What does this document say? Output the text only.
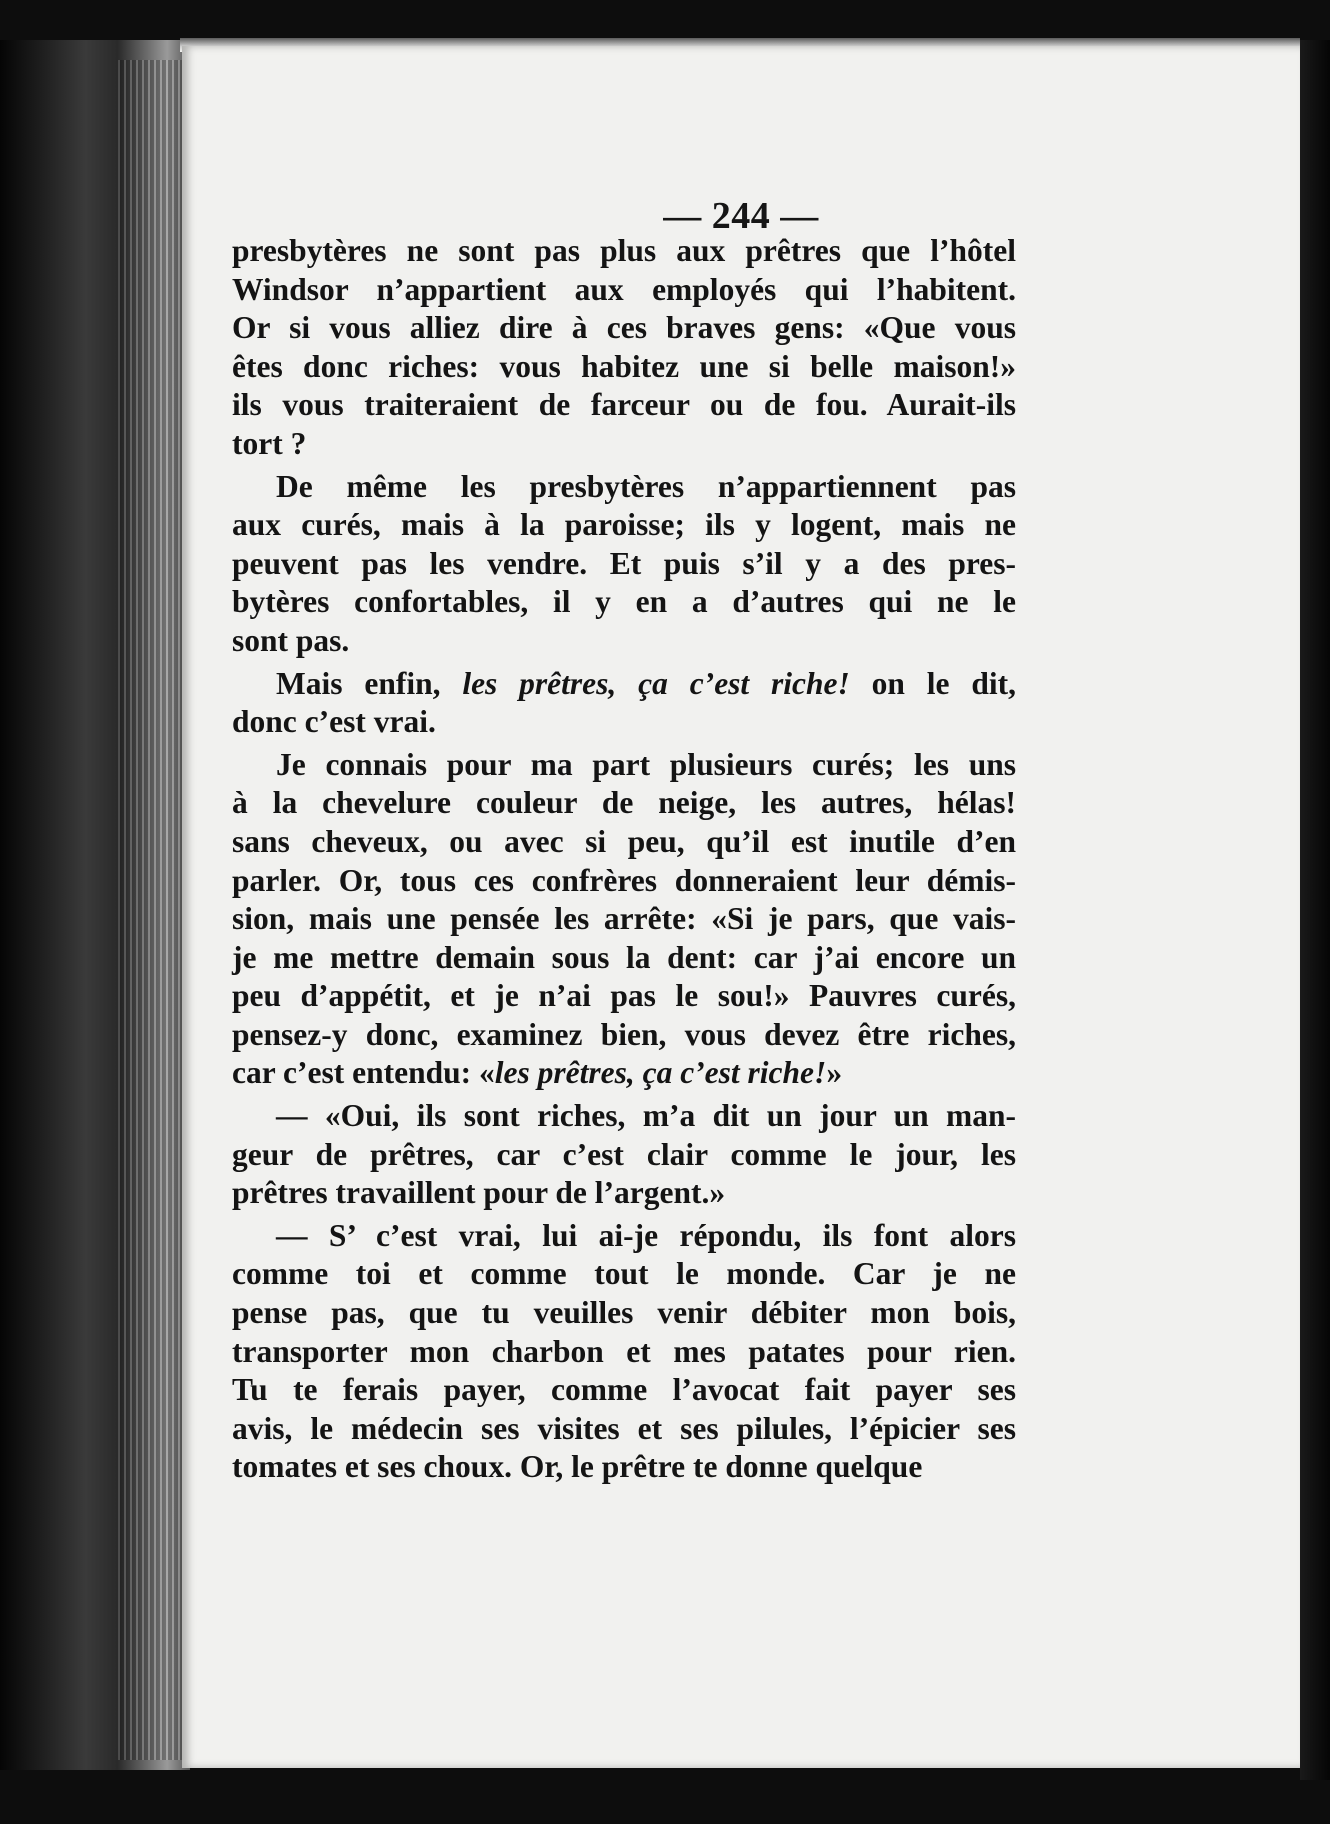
— 244 —
presbytères ne sont pas plus aux prêtres que l’hôtel
Windsor n’appartient aux employés qui l’habitent.
Or si vous alliez dire à ces braves gens: «Que vous
êtes donc riches: vous habitez une si belle maison!»
ils vous traiteraient de farceur ou de fou. Aurait-ils
tort ?
De même les presbytères n’appartiennent pas
aux curés, mais à la paroisse; ils y logent, mais ne
peuvent pas les vendre. Et puis s’il y a des pres-
bytères confortables, il y en a d’autres qui ne le
sont pas.
Mais enfin, les prêtres, ça c’est riche! on le dit,
donc c’est vrai.
Je connais pour ma part plusieurs curés; les uns
à la chevelure couleur de neige, les autres, hélas!
sans cheveux, ou avec si peu, qu’il est inutile d’en
parler. Or, tous ces confrères donneraient leur démis-
sion, mais une pensée les arrête: «Si je pars, que vais-
je me mettre demain sous la dent: car j’ai encore un
peu d’appétit, et je n’ai pas le sou!» Pauvres curés,
pensez-y donc, examinez bien, vous devez être riches,
car c’est entendu: «les prêtres, ça c’est riche!»
— «Oui, ils sont riches, m’a dit un jour un man-
geur de prêtres, car c’est clair comme le jour, les
prêtres travaillent pour de l’argent.»
— S’ c’est vrai, lui ai-je répondu, ils font alors
comme toi et comme tout le monde. Car je ne
pense pas, que tu veuilles venir débiter mon bois,
transporter mon charbon et mes patates pour rien.
Tu te ferais payer, comme l’avocat fait payer ses
avis, le médecin ses visites et ses pilules, l’épicier ses
tomates et ses choux. Or, le prêtre te donne quelque
